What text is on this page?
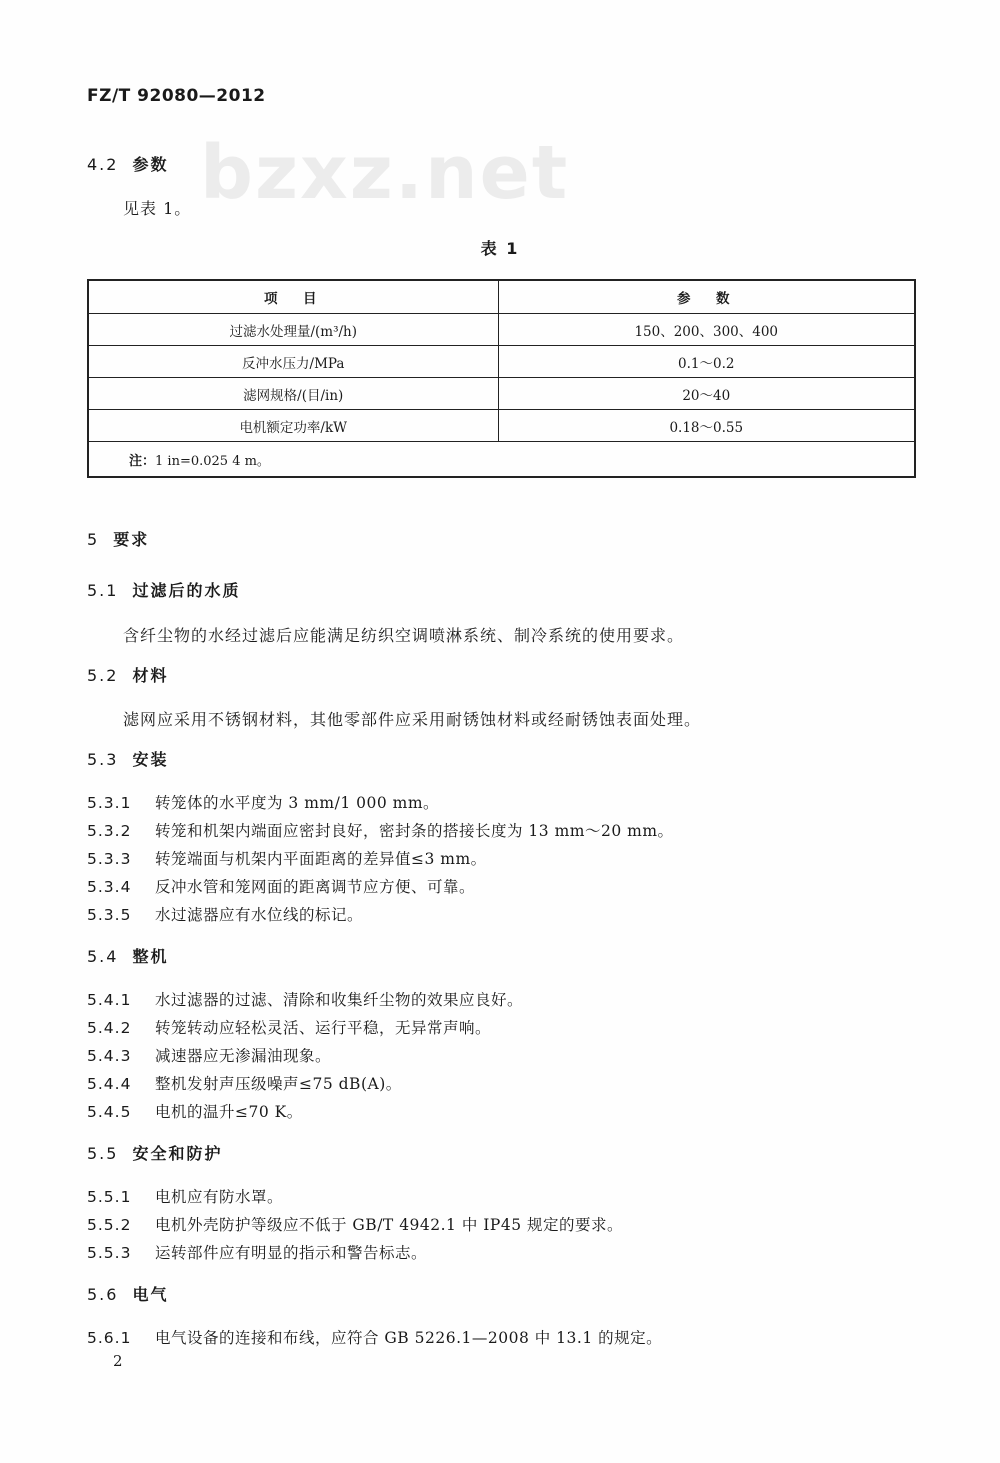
FZ/T 92080—2012
bzxz.net
4.2 参数
见表 1。
表 1
项　目	参　数
过滤水处理量/(m³/h)	150、200、300、400
反冲水压力/MPa	0.1～0.2
滤网规格/(目/in)	20～40
电机额定功率/kW	0.18～0.55
注：1 in=0.025 4 m。	
5 要求
5.1 过滤后的水质
含纤尘物的水经过滤后应能满足纺织空调喷淋系统、制冷系统的使用要求。
5.2 材料
滤网应采用不锈钢材料，其他零部件应采用耐锈蚀材料或经耐锈蚀表面处理。
5.3 安装
5.3.1 转笼体的水平度为 3 mm/1 000 mm。
5.3.2 转笼和机架内端面应密封良好，密封条的搭接长度为 13 mm～20 mm。
5.3.3 转笼端面与机架内平面距离的差异值≤3 mm。
5.3.4 反冲水管和笼网面的距离调节应方便、可靠。
5.3.5 水过滤器应有水位线的标记。
5.4 整机
5.4.1 水过滤器的过滤、清除和收集纤尘物的效果应良好。
5.4.2 转笼转动应轻松灵活、运行平稳，无异常声响。
5.4.3 减速器应无渗漏油现象。
5.4.4 整机发射声压级噪声≤75 dB(A)。
5.4.5 电机的温升≤70 K。
5.5 安全和防护
5.5.1 电机应有防水罩。
5.5.2 电机外壳防护等级应不低于 GB/T 4942.1 中 IP45 规定的要求。
5.5.3 运转部件应有明显的指示和警告标志。
5.6 电气
5.6.1 电气设备的连接和布线，应符合 GB 5226.1—2008 中 13.1 的规定。
2
